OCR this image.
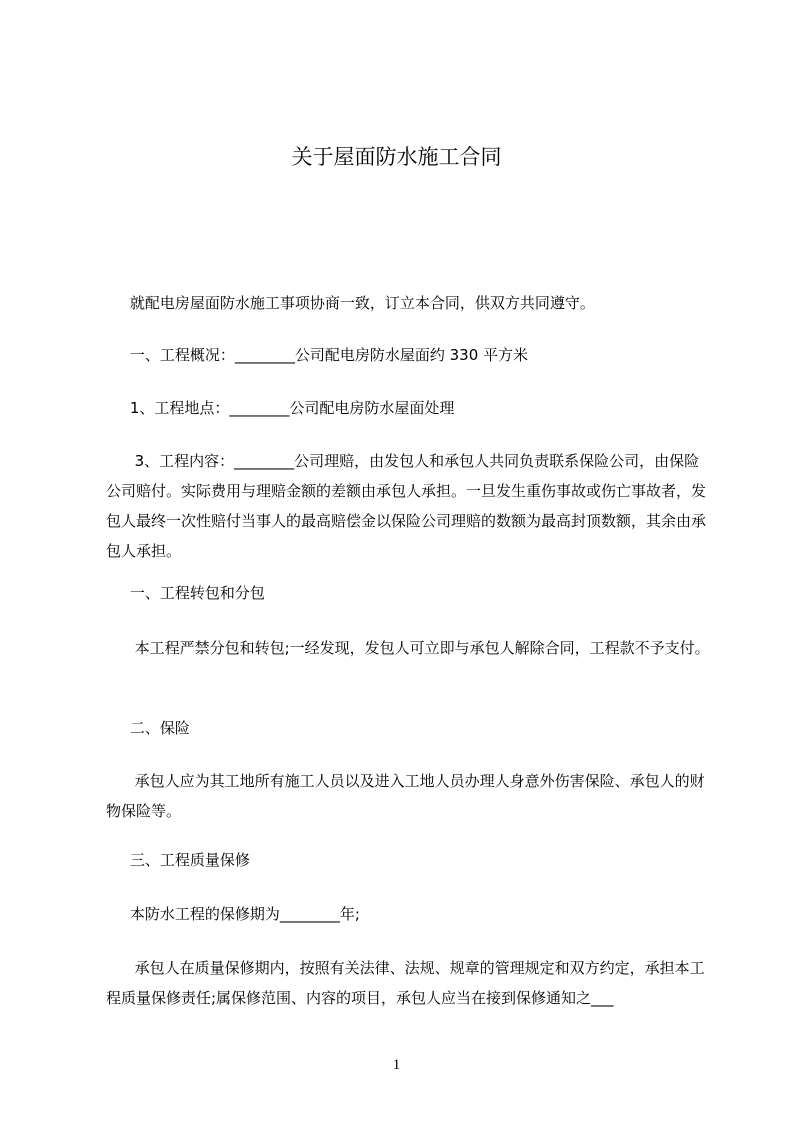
关于屋面防水施工合同
就配电房屋面防水施工事项协商一致，订立本合同，供双方共同遵守。
一、工程概况：________公司配电房防水屋面约 330 平方米
1、工程地点：________公司配电房防水屋面处理
3、工程内容：________公司理赔，由发包人和承包人共同负责联系保险公司，由保险公司赔付。实际费用与理赔金额的差额由承包人承担。一旦发生重伤事故或伤亡事故者，发包人最终一次性赔付当事人的最高赔偿金以保险公司理赔的数额为最高封顶数额，其余由承包人承担。
一、工程转包和分包
本工程严禁分包和转包;一经发现，发包人可立即与承包人解除合同，工程款不予支付。
二、保险
承包人应为其工地所有施工人员以及进入工地人员办理人身意外伤害保险、承包人的财物保险等。
三、工程质量保修
本防水工程的保修期为________年;
承包人在质量保修期内，按照有关法律、法规、规章的管理规定和双方约定，承担本工程质量保修责任;属保修范围、内容的项目，承包人应当在接到保修通知之___
1
